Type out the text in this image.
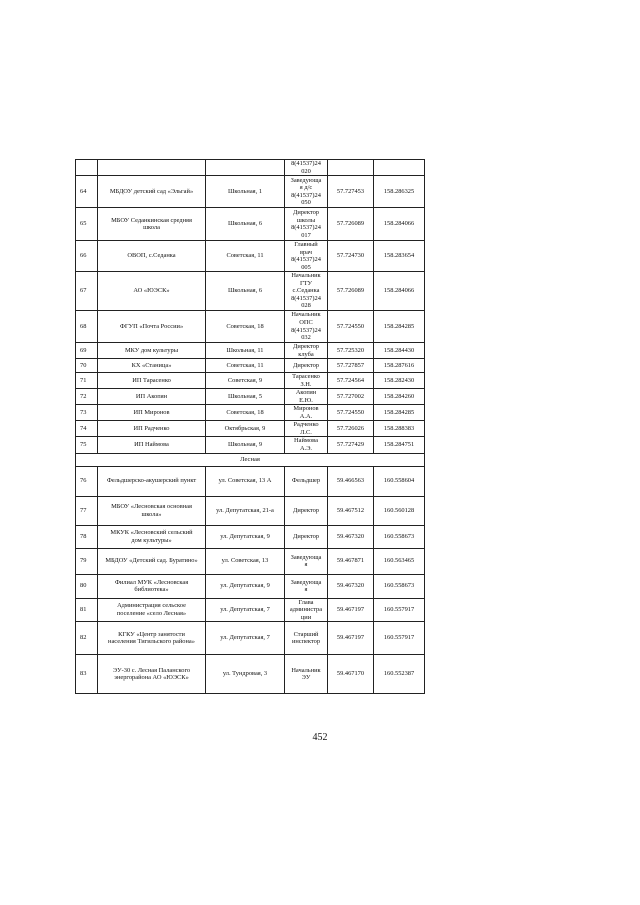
			8(41537)24
020		
64	МБДОУ детский сад «Эльгай»	Школьная, 1	Заведующа
я д/с
8(41537)24
050	57.727453	158.286325
65	МБОУ Седанкинская средняя
школа	Школьная, 6	Директор
школы
8(41537)24
017	57.726089	158.284066
66	ОВОП, с.Седанка	Советская, 11	Главный
врач
8(41537)24
005	57.724730	158.283654
67	АО «ЮЭСК»	Школьная, 6	Начальник
ГТУ
с.Седанка
8(41537)24
028	57.726089	158.284066
68	ФГУП «Почта России»	Советская, 18	Начальник
ОПС
8(41537)24
032	57.724550	158.284285
69	МКУ дом культуры	Школьная, 11	Директор
клуба	57.725320	158.284430
70	КХ «Станица»	Советская, 11	Директор	57.727857	158.287616
71	ИП Тарасенко	Советская, 9	Тарасенко
З.Н.	57.724564	158.282430
72	ИП Акопян	Школьная, 5	Акопян
Е.Ю.	57.727002	158.284260
73	ИП Миронов	Советская, 18	Миронов
А.А.	57.724550	158.284285
74	ИП Радченко	Октябрьская, 9	Радченко
Л.С.	57.726026	158.288383
75	ИП Наймова	Школьная, 9	Наймова
А.Э.	57.727429	158.284751
Лесная					
76	Фельдшерско-акушерский пункт	ул. Советская, 13 А	Фельдшер	59.466563	160.558604
77	МБОУ «Лесновская основная
школа»	ул. Депутатская, 21-а	Директор	59.467512	160.560128
78	МКУК «Лесновский сельский
дом культуры»	ул. Депутатская, 9	Директор	59.467320	160.558673
79	МБДОУ «Детский сад. Буратино»	ул. Советская, 13	Заведующа
я	59.467871	160.563465
80	Филиал МУК «Лесновская
библиотека»	ул. Депутатская, 9	Заведующа
я	59.467320	160.558673
81	Администрация сельское
поселение «село Лесная»	ул. Депутатская, 7	Глава
администра
ции	59.467197	160.557917
82	КГКУ «Центр занятости
населения Тигильского района»	ул. Депутатская, 7	Старший
инспектор	59.467197	160.557917
83	ЭУ-30 с. Лесная Паланского
энергорайона АО «ЮЭСК»	ул. Тундровая, 3	Начальник
ЭУ	59.467170	160.552387
452
